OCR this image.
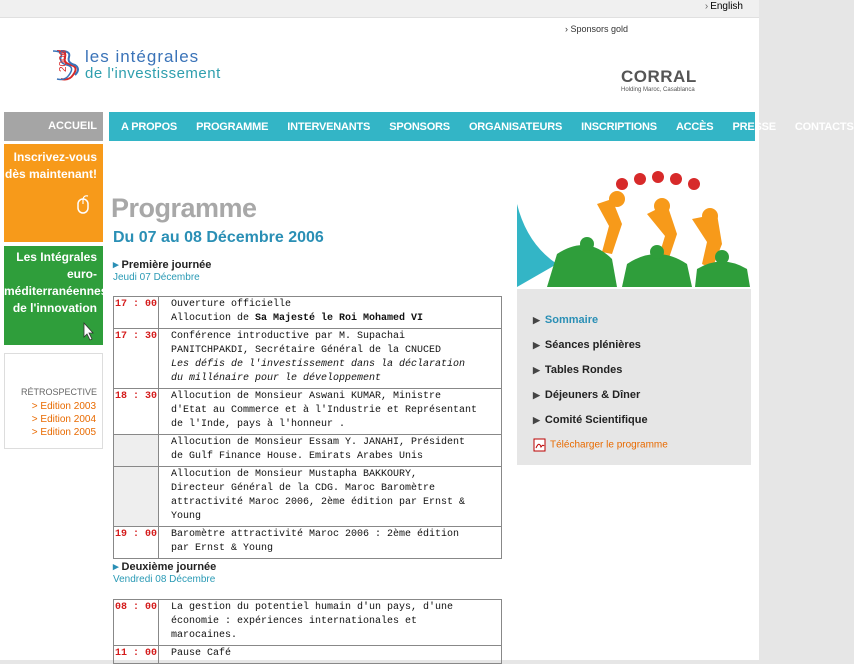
› English
› Sponsors gold
2006 les intégrales
de l'investissement	CORRAL
Holding Maroc, Casablanca
ACCUEIL	A PROPOS PROGRAMME INTERVENANTS SPONSORS ORGANISATEURS INSCRIPTIONS ACCÈS PRESSE CONTACTS
Inscrivez-vous
dès maintenant!
Les Intégrales
euro-
méditerranéennes
de l'innovation
RÉTROSPECTIVE
> Edition 2003
> Edition 2004
> Edition 2005
Programme
Du 07 au 08 Décembre 2006
▸ Première journée
Jeudi 07 Décembre
17 : 00	Ouverture officielle
Allocution de Sa Majesté le Roi Mohamed VI

17 : 30	Conférence introductive par M. Supachai
PANITCHPAKDI, Secrétaire Général de la CNUCED
Les défis de l'investissement dans la déclaration
du millénaire pour le développement

18 : 30	Allocution de Monsieur Aswani KUMAR, Ministre
d'Etat au Commerce et à l'Industrie et Représentant
de l'Inde, pays à l'honneur .

	Allocution de Monsieur Essam Y. JANAHI, Président
de Gulf Finance House. Emirats Arabes Unis

	Allocution de Monsieur Mustapha BAKKOURY,
Directeur Général de la CDG. Maroc Baromètre
attractivité Maroc 2006, 2ème édition par Ernst &
Young

19 : 00	Baromètre attractivité Maroc 2006 : 2ème édition
par Ernst & Young
▸ Deuxième journée
Vendredi 08 Décembre
08 : 00	La gestion du potentiel humain d'un pays, d'une
économie : expériences internationales et
marocaines.

11 : 00	Pause Café
▶ Sommaire
▶ Séances plénières
▶ Tables Rondes
▶ Déjeuners & Dîner
▶ Comité Scientifique
Télécharger le programme
